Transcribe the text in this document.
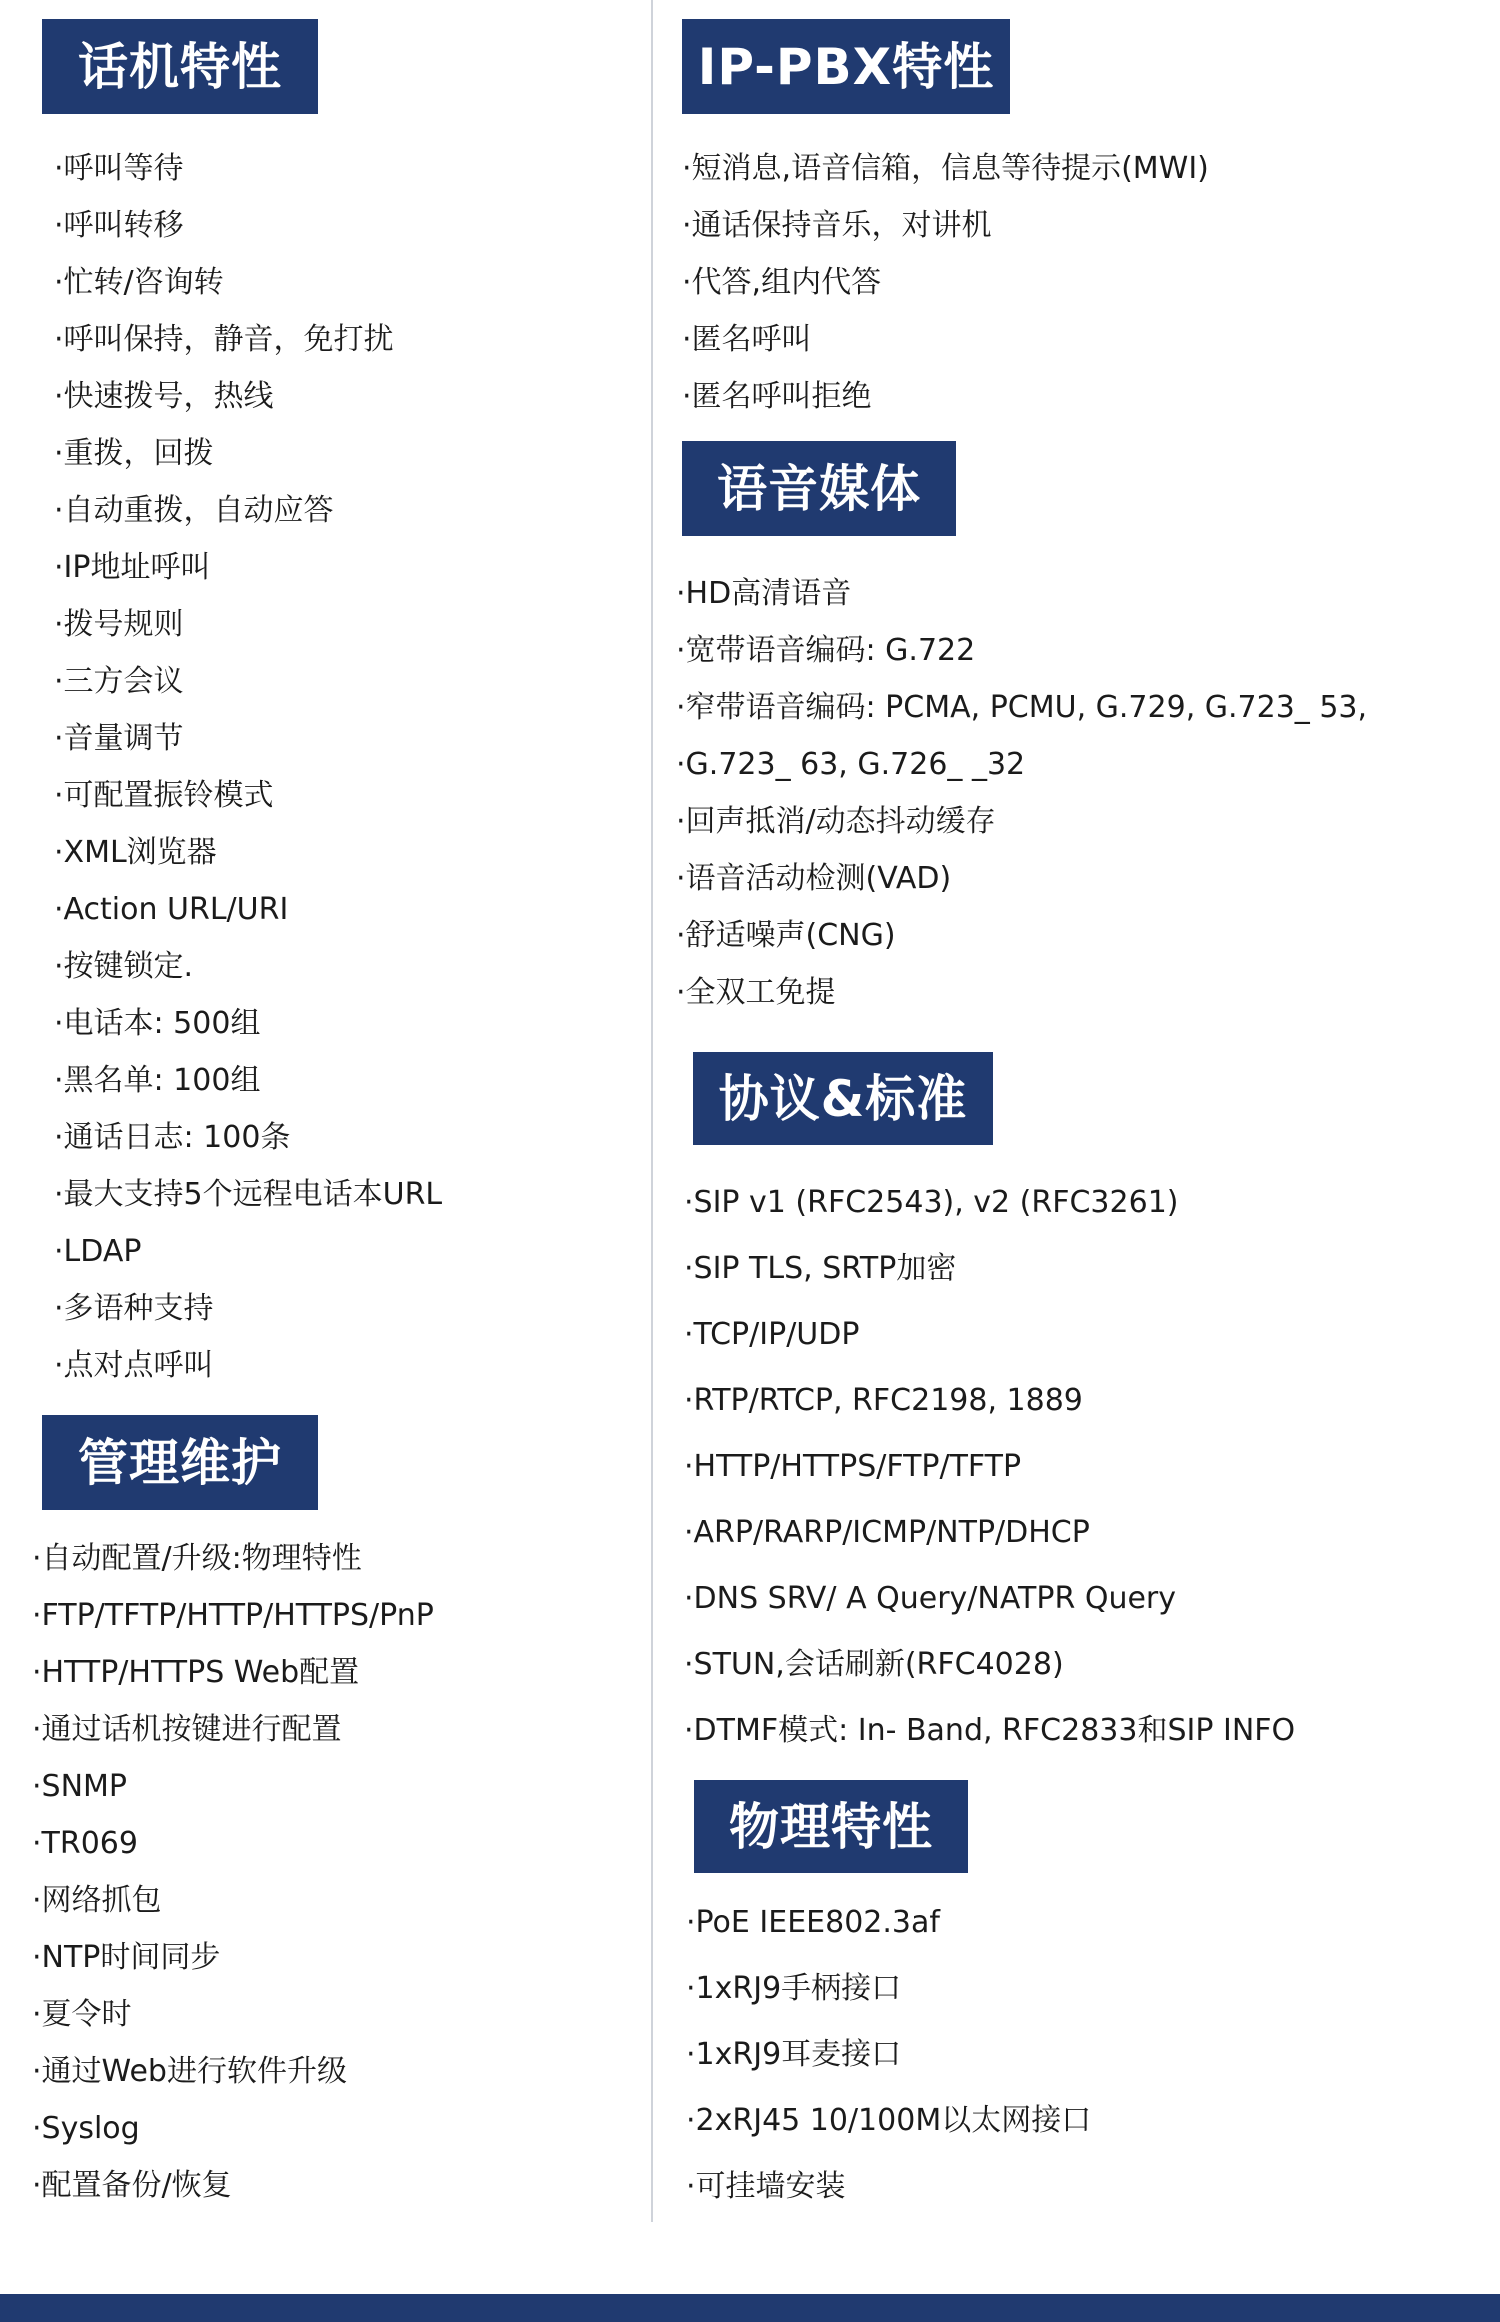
话机特性
·呼叫等待
·呼叫转移
·忙转/咨询转
·呼叫保持，静音，免打扰
·快速拨号，热线
·重拨，回拨
·自动重拨，自动应答
·IP地址呼叫
·拨号规则
·三方会议
·音量调节
·可配置振铃模式
·XML浏览器
·Action URL/URI
·按键锁定.
·电话本: 500组
·黑名单: 100组
·通话日志: 100条
·最大支持5个远程电话本URL
·LDAP
·多语种支持
·点对点呼叫
管理维护
·自动配置/升级:物理特性
·FTP/TFTP/HTTP/HTTPS/PnP
·HTTP/HTTPS Web配置
·通过话机按键进行配置
·SNMP
·TR069
·网络抓包
·NTP时间同步
·夏令时
·通过Web进行软件升级
·Syslog
·配置备份/恢复
IP-PBX特性
·短消息,语音信箱，信息等待提示(MWI)
·通话保持音乐，对讲机
·代答,组内代答
·匿名呼叫
·匿名呼叫拒绝
语音媒体
·HD高清语音
·宽带语音编码: G.722
·窄带语音编码: PCMA, PCMU, G.729, G.723_ 53,
·G.723_ 63, G.726_ _32
·回声抵消/动态抖动缓存
·语音活动检测(VAD)
·舒适噪声(CNG)
·全双工免提
协议&标准
·SIP v1 (RFC2543), v2 (RFC3261)
·SIP TLS, SRTP加密
·TCP/IP/UDP
·RTP/RTCP, RFC2198, 1889
·HTTP/HTTPS/FTP/TFTP
·ARP/RARP/ICMP/NTP/DHCP
·DNS SRV/ A Query/NATPR Query
·STUN,会话刷新(RFC4028)
·DTMF模式: In- Band, RFC2833和SIP INFO
物理特性
·PoE IEEE802.3af
·1xRJ9手柄接口
·1xRJ9耳麦接口
·2xRJ45 10/100M以太网接口
·可挂墙安装
